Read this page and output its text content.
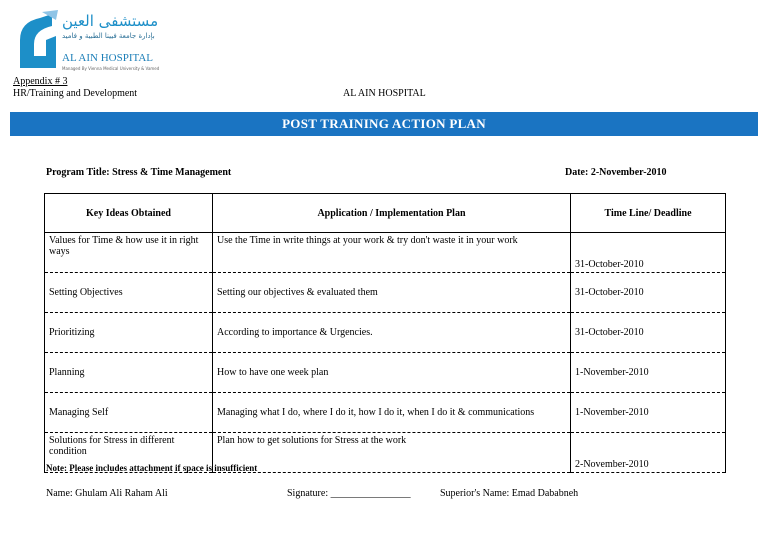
مستشفى العين
بإدارة جامعة فيينا الطبية و فاميد
AL AIN HOSPITAL
Managed By Vienna Medical University & Vamed
Appendix # 3
HR/Training and Development	AL AIN HOSPITAL
POST TRAINING ACTION PLAN
Program Title: Stress & Time Management	Date: 2-November-2010
Key Ideas Obtained	Application / Implementation Plan	Time Line/ Deadline
Values for Time & how use it in right ways	Use the Time in write things at your work & try don't waste it in your work	31-October-2010
Setting Objectives	Setting our objectives & evaluated them	31-October-2010
Prioritizing	According to importance & Urgencies.	31-October-2010
Planning	How to have one week plan	1-November-2010
Managing Self	Managing what I do, where I do it, how I do it, when I do it & communications	1-November-2010
Solutions for Stress in different condition	Plan how to get solutions for Stress at the work	2-November-2010
Note: Please includes attachment if space is insufficient
Name: Ghulam Ali Raham Ali	Signature: ________________	Superior's Name: Emad Dababneh
